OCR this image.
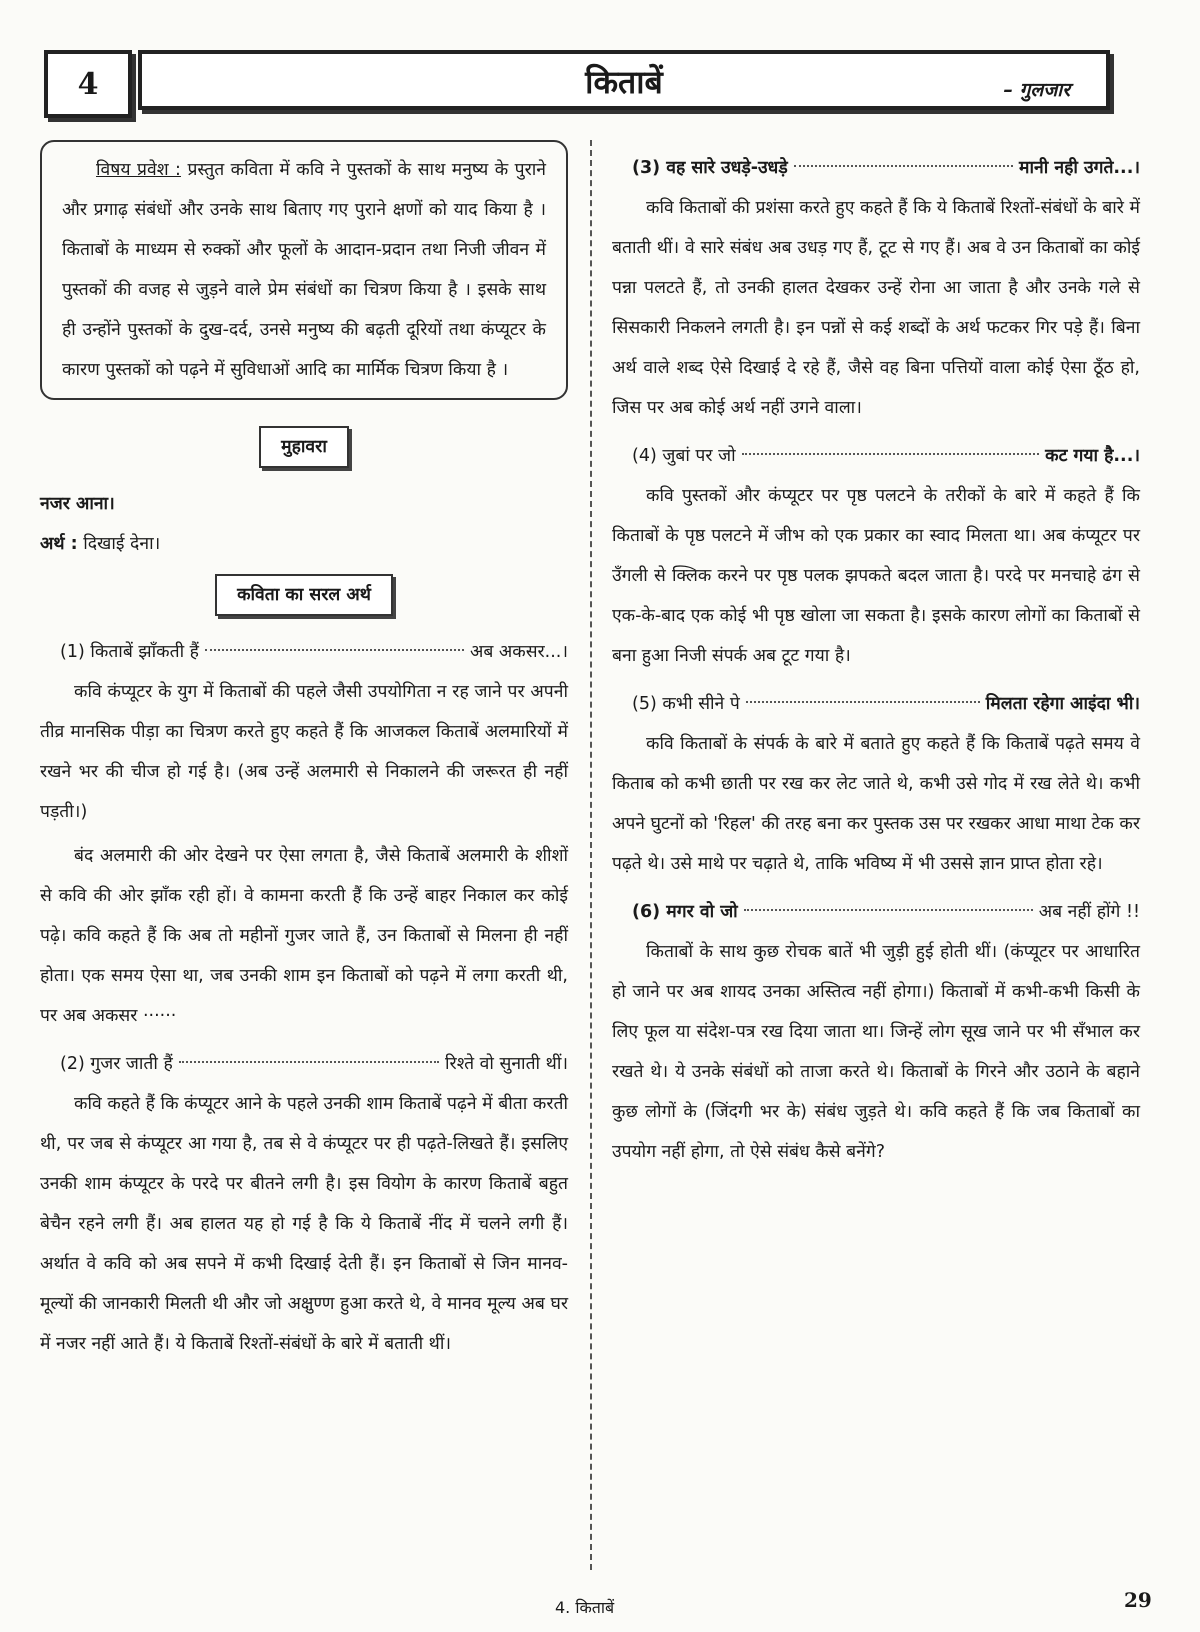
4	किताबें	– गुलजार

विषय प्रवेश : प्रस्तुत कविता में कवि ने पुस्तकों के साथ मनुष्य के पुराने और प्रगाढ़ संबंधों और उनके साथ बिताए गए पुराने क्षणों को याद किया है । किताबों के माध्यम से रुक्कों और फूलों के आदान-प्रदान तथा निजी जीवन में पुस्तकों की वजह से जुड़ने वाले प्रेम संबंधों का चित्रण किया है । इसके साथ ही उन्होंने पुस्तकों के दुख-दर्द, उनसे मनुष्य की बढ़ती दूरियों तथा कंप्यूटर के कारण पुस्तकों को पढ़ने में सुविधाओं आदि का मार्मिक चित्रण किया है ।

मुहावरा

नजर आना।

अर्थ : दिखाई देना।

कविता का सरल अर्थ
(1) किताबें झाँकती हैं	अब अकसर...।

कवि कंप्यूटर के युग में किताबों की पहले जैसी उपयोगिता न रह जाने पर अपनी तीव्र मानसिक पीड़ा का चित्रण करते हुए कहते हैं कि आजकल किताबें अलमारियों में रखने भर की चीज हो गई है। (अब उन्हें अलमारी से निकालने की जरूरत ही नहीं पड़ती।)

बंद अलमारी की ओर देखने पर ऐसा लगता है, जैसे किताबें अलमारी के शीशों से कवि की ओर झाँक रही हों। वे कामना करती हैं कि उन्हें बाहर निकाल कर कोई पढ़े। कवि कहते हैं कि अब तो महीनों गुजर जाते हैं, उन किताबों से मिलना ही नहीं होता। एक समय ऐसा था, जब उनकी शाम इन किताबों को पढ़ने में लगा करती थी, पर अब अकसर ······

(2) गुजर जाती हैं	रिश्ते वो सुनाती थीं।

कवि कहते हैं कि कंप्यूटर आने के पहले उनकी शाम किताबें पढ़ने में बीता करती थी, पर जब से कंप्यूटर आ गया है, तब से वे कंप्यूटर पर ही पढ़ते-लिखते हैं। इसलिए उनकी शाम कंप्यूटर के परदे पर बीतने लगी है। इस वियोग के कारण किताबें बहुत बेचैन रहने लगी हैं। अब हालत यह हो गई है कि ये किताबें नींद में चलने लगी हैं। अर्थात वे कवि को अब सपने में कभी दिखाई देती हैं। इन किताबों से जिन मानव-मूल्यों की जानकारी मिलती थी और जो अक्षुण्ण हुआ करते थे, वे मानव मूल्य अब घर में नजर नहीं आते हैं। ये किताबें रिश्तों-संबंधों के बारे में बताती थीं।

(3) वह सारे उधड़े-उधड़े	मानी नही उगते...।

कवि किताबों की प्रशंसा करते हुए कहते हैं कि ये किताबें रिश्तों-संबंधों के बारे में बताती थीं। वे सारे संबंध अब उधड़ गए हैं, टूट से गए हैं। अब वे उन किताबों का कोई पन्ना पलटते हैं, तो उनकी हालत देखकर उन्हें रोना आ जाता है और उनके गले से सिसकारी निकलने लगती है। इन पन्नों से कई शब्दों के अर्थ फटकर गिर पड़े हैं। बिना अर्थ वाले शब्द ऐसे दिखाई दे रहे हैं, जैसे वह बिना पत्तियों वाला कोई ऐसा ठूँठ हो, जिस पर अब कोई अर्थ नहीं उगने वाला।

(4) जुबां पर जो	कट गया है...।

कवि पुस्तकों और कंप्यूटर पर पृष्ठ पलटने के तरीकों के बारे में कहते हैं कि किताबों के पृष्ठ पलटने में जीभ को एक प्रकार का स्वाद मिलता था। अब कंप्यूटर पर उँगली से क्लिक करने पर पृष्ठ पलक झपकते बदल जाता है। परदे पर मनचाहे ढंग से एक-के-बाद एक कोई भी पृष्ठ खोला जा सकता है। इसके कारण लोगों का किताबों से बना हुआ निजी संपर्क अब टूट गया है।

(5) कभी सीने पे	मिलता रहेगा आइंदा भी।

कवि किताबों के संपर्क के बारे में बताते हुए कहते हैं कि किताबें पढ़ते समय वे किताब को कभी छाती पर रख कर लेट जाते थे, कभी उसे गोद में रख लेते थे। कभी अपने घुटनों को 'रिहल' की तरह बना कर पुस्तक उस पर रखकर आधा माथा टेक कर पढ़ते थे। उसे माथे पर चढ़ाते थे, ताकि भविष्य में भी उससे ज्ञान प्राप्त होता रहे।

(6) मगर वो जो	अब नहीं होंगे !!

किताबों के साथ कुछ रोचक बातें भी जुड़ी हुई होती थीं। (कंप्यूटर पर आधारित हो जाने पर अब शायद उनका अस्तित्व नहीं होगा।) किताबों में कभी-कभी किसी के लिए फूल या संदेश-पत्र रख दिया जाता था। जिन्हें लोग सूख जाने पर भी सँभाल कर रखते थे। ये उनके संबंधों को ताजा करते थे। किताबों के गिरने और उठाने के बहाने कुछ लोगों के (जिंदगी भर के) संबंध जुड़ते थे। कवि कहते हैं कि जब किताबों का उपयोग नहीं होगा, तो ऐसे संबंध कैसे बनेंगे?

4. किताबें	29
